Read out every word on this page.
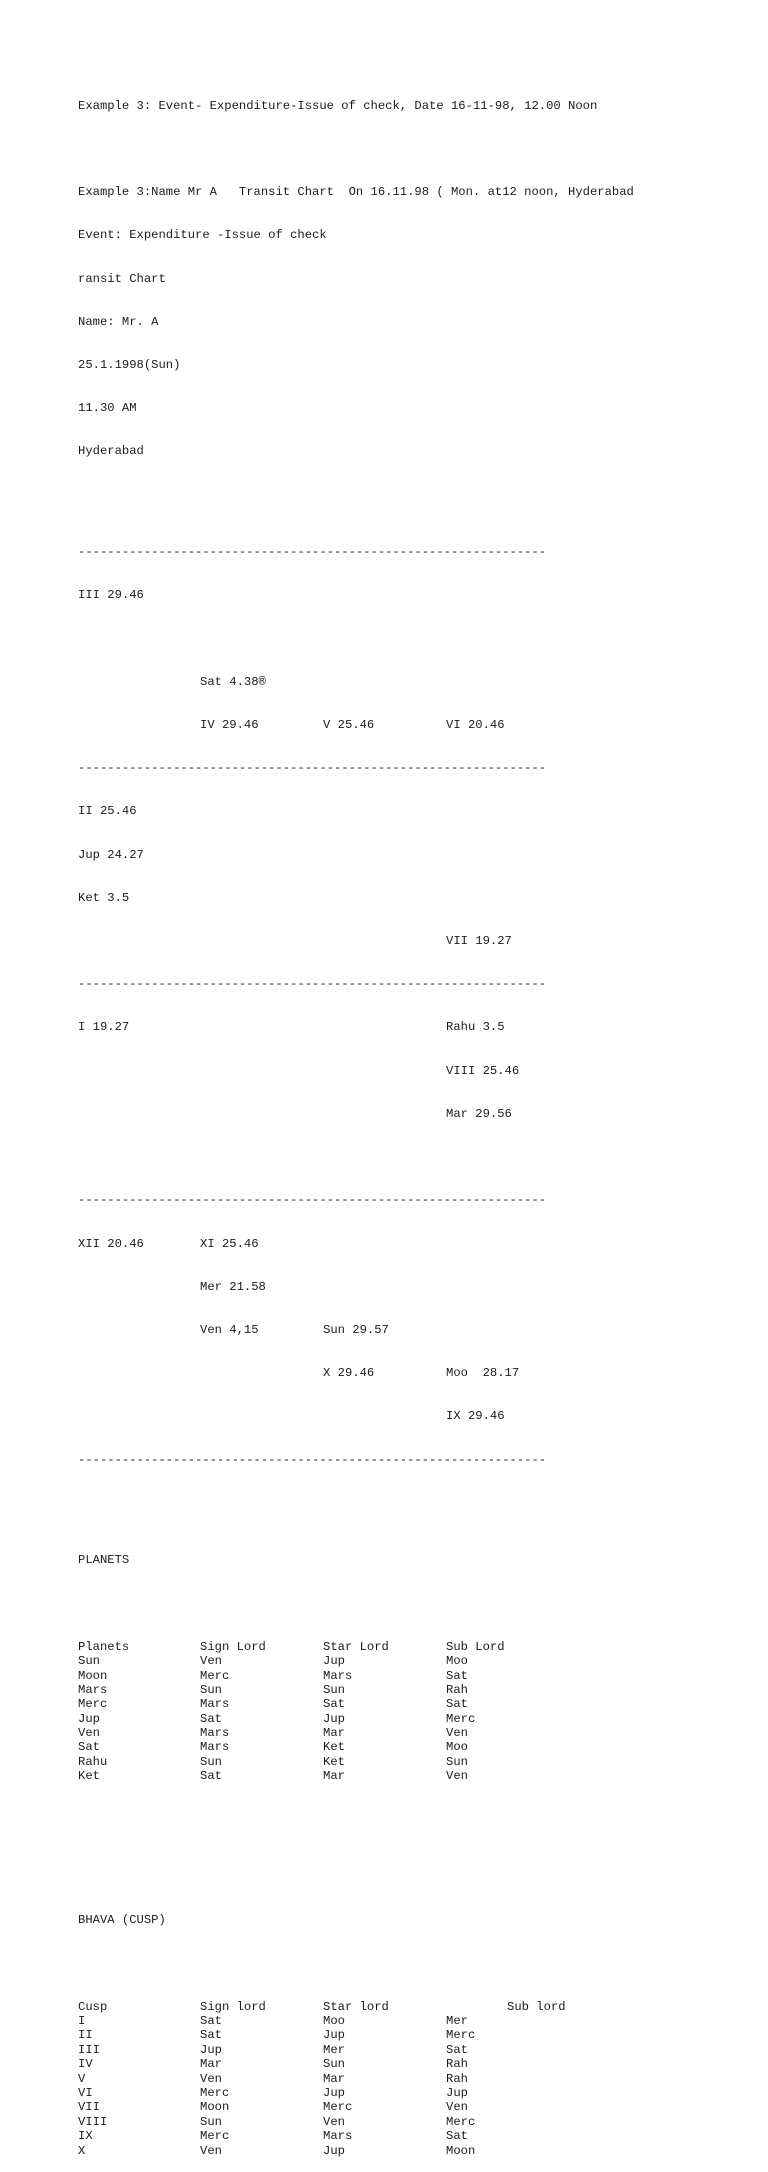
Example 3: Event- Expenditure-Issue of check, Date 16-11-98, 12.00 Noon

Example 3:Name Mr A   Transit Chart  On 16.11.98 ( Mon. at12 noon, Hyderabad

Event: Expenditure -Issue of check

ransit Chart

Name: Mr. A

25.1.1998(Sun)

11.30 AM

Hyderabad

----------------------------------------------------------------

III 29.46

Sat 4.38®

IV 29.46	V 25.46	VI 20.46

----------------------------------------------------------------

II 25.46

Jup 24.27

Ket 3.5

VII 19.27

----------------------------------------------------------------

I 19.27	Rahu 3.5

VIII 25.46

Mar 29.56

----------------------------------------------------------------

XII 20.46	XI 25.46

Mer 21.58

Ven 4,15	Sun 29.57

X 29.46	Moo  28.17

IX 29.46

----------------------------------------------------------------

PLANETS

Planets	Sign Lord	Star Lord	Sub Lord
Sun	Ven	Jup	Moo
Moon	Merc	Mars	Sat
Mars	Sun	Sun	Rah
Merc	Mars	Sat	Sat
Jup	Sat	Jup	Merc
Ven	Mars	Mar	Ven
Sat	Mars	Ket	Moo
Rahu	Sun	Ket	Sun
Ket	Sat	Mar	Ven

BHAVA (CUSP)

Cusp	Sign lord	Star lord	Sub lord
I	Sat	Moo	Mer
II	Sat	Jup	Merc
III	Jup	Mer	Sat
IV	Mar	Sun	Rah
V	Ven	Mar	Rah
VI	Merc	Jup	Jup
VII	Moon	Merc	Ven
VIII	Sun	Ven	Merc
IX	Merc	Mars	Sat
X	Ven	Jup	Moon
